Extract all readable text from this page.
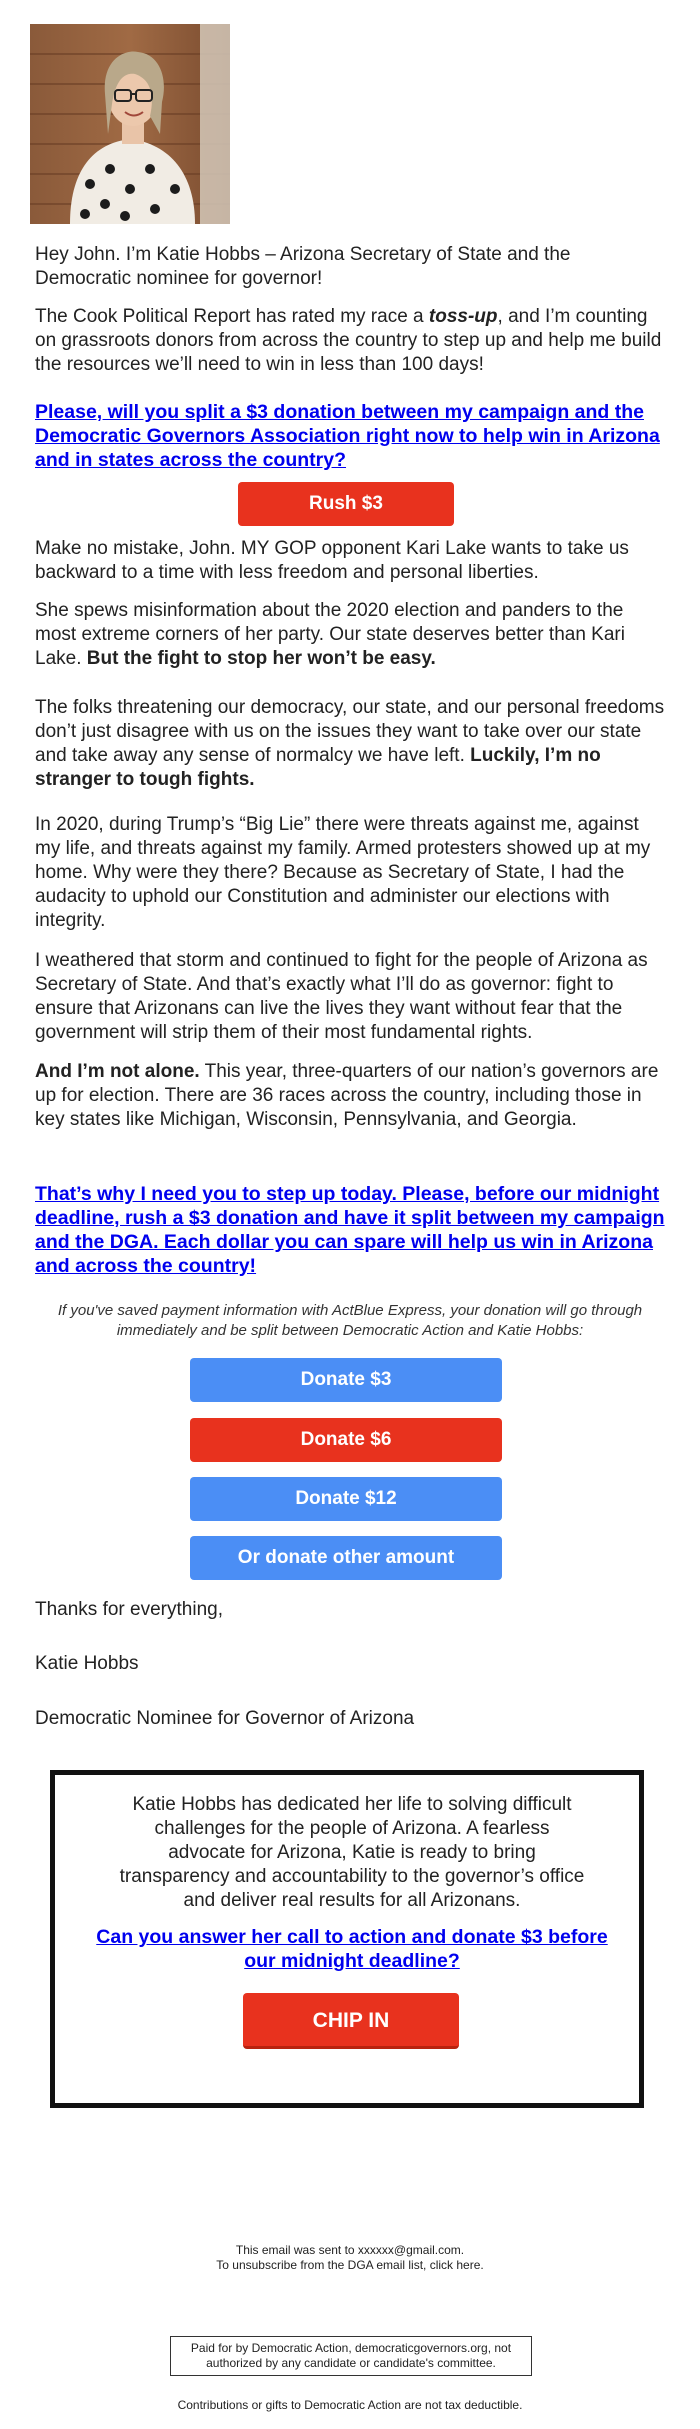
Hey John. I’m Katie Hobbs – Arizona Secretary of State and the Democratic nominee for governor!

The Cook Political Report has rated my race a toss-up, and I’m counting on grassroots donors from across the country to step up and help me build the resources we’ll need to win in less than 100 days!

Please, will you split a $3 donation between my campaign and the Democratic Governors Association right now to help win in Arizona and in states across the country?
Rush $3

Make no mistake, John. MY GOP opponent Kari Lake wants to take us backward to a time with less freedom and personal liberties.

She spews misinformation about the 2020 election and panders to the most extreme corners of her party. Our state deserves better than Kari Lake. But the fight to stop her won’t be easy.

The folks threatening our democracy, our state, and our personal freedoms don’t just disagree with us on the issues they want to take over our state and take away any sense of normalcy we have left. Luckily, I’m no stranger to tough fights.

In 2020, during Trump’s “Big Lie” there were threats against me, against my life, and threats against my family. Armed protesters showed up at my home. Why were they there? Because as Secretary of State, I had the audacity to uphold our Constitution and administer our elections with integrity.

I weathered that storm and continued to fight for the people of Arizona as Secretary of State. And that’s exactly what I’ll do as governor: fight to ensure that Arizonans can live the lives they want without fear that the government will strip them of their most fundamental rights.

And I’m not alone. This year, three-quarters of our nation’s governors are up for election. There are 36 races across the country, including those in key states like Michigan, Wisconsin, Pennsylvania, and Georgia.

That’s why I need you to step up today. Please, before our midnight deadline, rush a $3 donation and have it split between my campaign and the DGA. Each dollar you can spare will help us win in Arizona and across the country!

If you've saved payment information with ActBlue Express, your donation will go through immediately and be split between Democratic Action and Katie Hobbs:

Donate $3
Donate $6
Donate $12
Or donate other amount

Thanks for everything,

Katie Hobbs

Democratic Nominee for Governor of Arizona

Katie Hobbs has dedicated her life to solving difficult challenges for the people of Arizona. A fearless advocate for Arizona, Katie is ready to bring transparency and accountability to the governor’s office and deliver real results for all Arizonans.

Can you answer her call to action and donate $3 before our midnight deadline?
CHIP IN

This email was sent to xxxxxx@gmail.com.

To unsubscribe from the DGA email list, click here.

Paid for by Democratic Action, democraticgovernors.org, not authorized by any candidate or candidate's committee.

Contributions or gifts to Democratic Action are not tax deductible.
